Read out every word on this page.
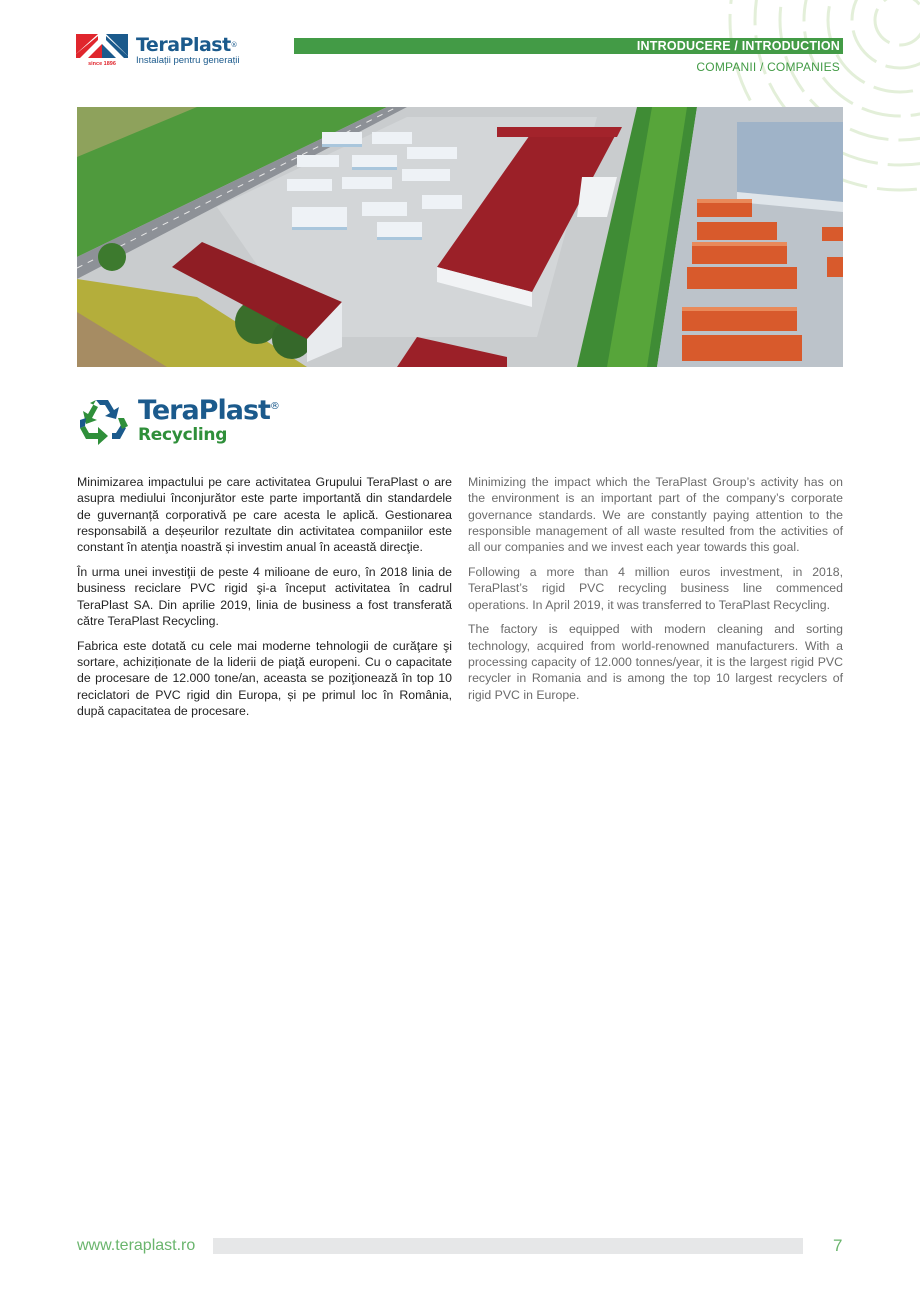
since 1896
TeraPlast®
Instalații pentru generații
INTRODUCERE / INTRODUCTION
COMPANII / COMPANIES
TeraPlast®
Recycling

Minimizarea impactului pe care activitatea Grupului TeraPlast o are asupra mediului înconjurător este parte importantă din standardele de guvernanță corporativă pe care acesta le aplică. Gestionarea responsabilă a deșeurilor rezultate din activitatea companiilor este constant în atenţia noastră și investim anual în această direcţie.

În urma unei investiţii de peste 4 milioane de euro, în 2018 linia de business reciclare PVC rigid şi-a început activitatea în cadrul TeraPlast SA. Din aprilie 2019, linia de business a fost transferată către TeraPlast Recycling.

Fabrica este dotată cu cele mai moderne tehnologii de curăţare şi sortare, achiziționate de la liderii de piaţă europeni. Cu o capacitate de procesare de 12.000 tone/an, aceasta se poziţionează în top 10 reciclatori de PVC rigid din Europa, și pe primul loc în România, după capacitatea de procesare.

Minimizing the impact which the TeraPlast Group’s activity has on the environment is an important part of the company’s corporate governance standards. We are constantly paying attention to the responsible management of all waste resulted from the activities of all our companies and we invest each year towards this goal.

Following a more than 4 million euros investment, in 2018, TeraPlast’s rigid PVC recycling business line commenced operations. In April 2019, it was transferred to TeraPlast Recycling.

The factory is equipped with modern cleaning and sorting technology, acquired from world-renowned manufacturers. With a processing capacity of 12.000 tonnes/year, it is the largest rigid PVC recycler in Romania and is among the top 10 largest recyclers of rigid PVC in Europe.

www.teraplast.ro	7
